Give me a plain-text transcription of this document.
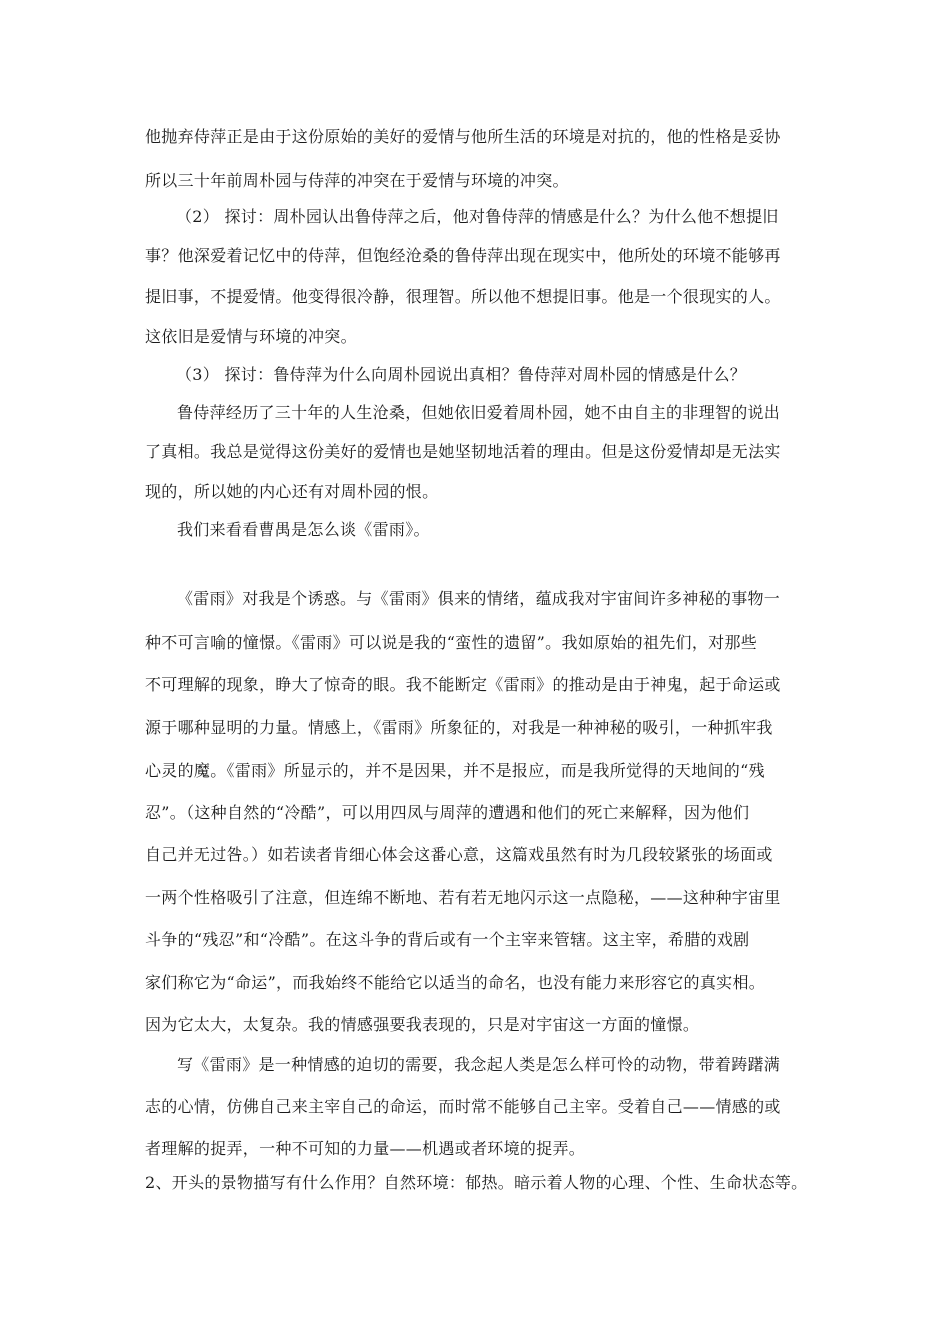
他抛弃侍萍正是由于这份原始的美好的爱情与他所生活的环境是对抗的，他的性格是妥协
所以三十年前周朴园与侍萍的冲突在于爱情与环境的冲突。
（2） 探讨：周朴园认出鲁侍萍之后，他对鲁侍萍的情感是什么？为什么他不想提旧
事？他深爱着记忆中的侍萍，但饱经沧桑的鲁侍萍出现在现实中，他所处的环境不能够再
提旧事，不提爱情。他变得很冷静，很理智。所以他不想提旧事。他是一个很现实的人。
这依旧是爱情与环境的冲突。
（3） 探讨：鲁侍萍为什么向周朴园说出真相？鲁侍萍对周朴园的情感是什么？
鲁侍萍经历了三十年的人生沧桑，但她依旧爱着周朴园，她不由自主的非理智的说出
了真相。我总是觉得这份美好的爱情也是她坚韧地活着的理由。但是这份爱情却是无法实
现的，所以她的内心还有对周朴园的恨。
我们来看看曹禺是怎么谈《雷雨》。
《雷雨》对我是个诱惑。与《雷雨》俱来的情绪，蕴成我对宇宙间许多神秘的事物一
种不可言喻的憧憬。《雷雨》可以说是我的“蛮性的遗留”。我如原始的祖先们，对那些
不可理解的现象，睁大了惊奇的眼。我不能断定《雷雨》的推动是由于神鬼，起于命运或
源于哪种显明的力量。情感上，《雷雨》所象征的，对我是一种神秘的吸引，一种抓牢我
心灵的魔。《雷雨》所显示的，并不是因果，并不是报应，而是我所觉得的天地间的“残
忍”。（这种自然的“冷酷”，可以用四凤与周萍的遭遇和他们的死亡来解释，因为他们
自己并无过咎。）如若读者肯细心体会这番心意，这篇戏虽然有时为几段较紧张的场面或
一两个性格吸引了注意，但连绵不断地、若有若无地闪示这一点隐秘，——这种种宇宙里
斗争的“残忍”和“冷酷”。在这斗争的背后或有一个主宰来管辖。这主宰，希腊的戏剧
家们称它为“命运”，而我始终不能给它以适当的命名，也没有能力来形容它的真实相。
因为它太大，太复杂。我的情感强要我表现的，只是对宇宙这一方面的憧憬。
写《雷雨》是一种情感的迫切的需要，我念起人类是怎么样可怜的动物，带着踌躇满
志的心情，仿佛自己来主宰自己的命运，而时常不能够自己主宰。受着自己——情感的或
者理解的捉弄，一种不可知的力量——机遇或者环境的捉弄。
2、开头的景物描写有什么作用？自然环境：郁热。暗示着人物的心理、个性、生命状态等。
